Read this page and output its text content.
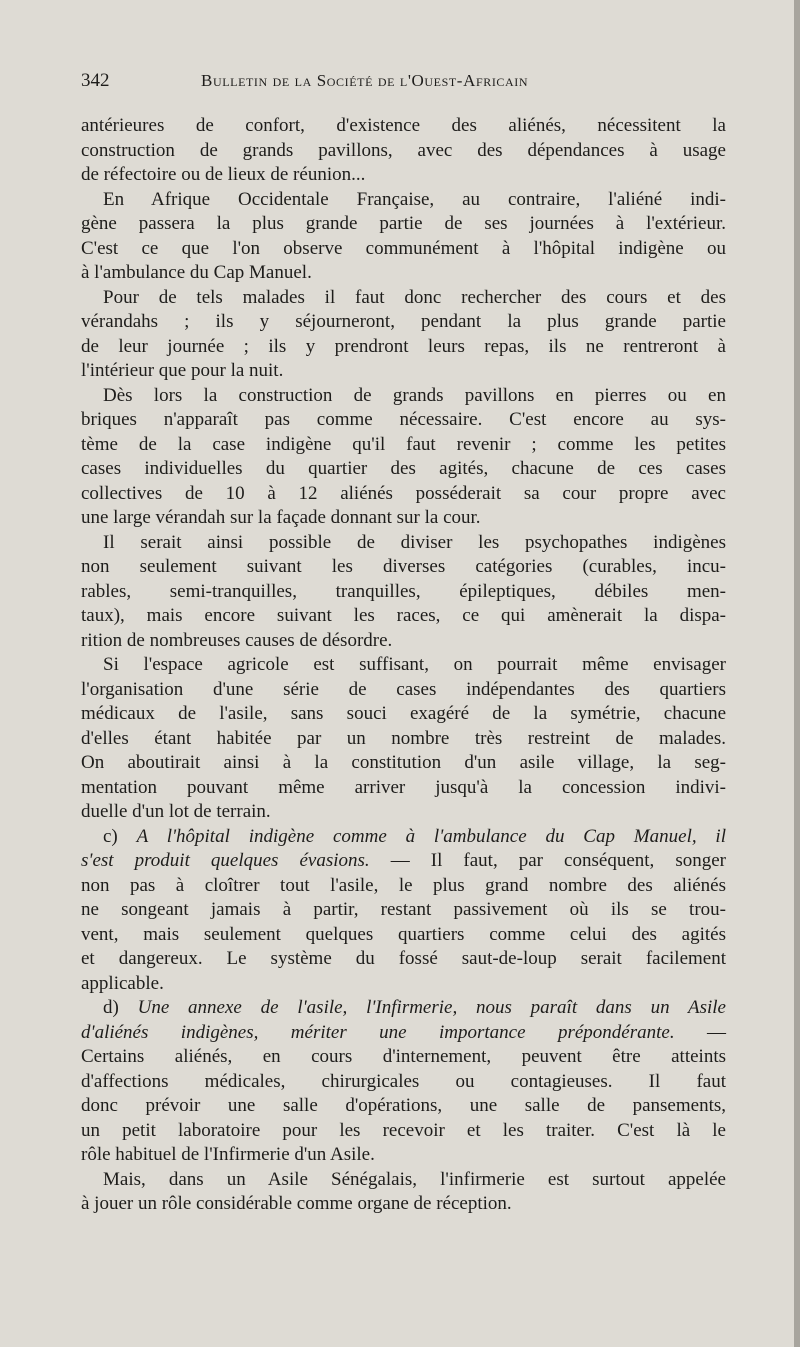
342	Bulletin de la Société de l'Ouest-Africain
antérieures de confort, d'existence des aliénés, nécessitent la
construction de grands pavillons, avec des dépendances à usage
de réfectoire ou de lieux de réunion...
En Afrique Occidentale Française, au contraire, l'aliéné indi-
gène passera la plus grande partie de ses journées à l'extérieur.
C'est ce que l'on observe communément à l'hôpital indigène ou
à l'ambulance du Cap Manuel.
Pour de tels malades il faut donc rechercher des cours et des
vérandahs ; ils y séjourneront, pendant la plus grande partie
de leur journée ; ils y prendront leurs repas, ils ne rentreront à
l'intérieur que pour la nuit.
Dès lors la construction de grands pavillons en pierres ou en
briques n'apparaît pas comme nécessaire. C'est encore au sys-
tème de la case indigène qu'il faut revenir ; comme les petites
cases individuelles du quartier des agités, chacune de ces cases
collectives de 10 à 12 aliénés posséderait sa cour propre avec
une large vérandah sur la façade donnant sur la cour.
Il serait ainsi possible de diviser les psychopathes indigènes
non seulement suivant les diverses catégories (curables, incu-
rables, semi-tranquilles, tranquilles, épileptiques, débiles men-
taux), mais encore suivant les races, ce qui amènerait la dispa-
rition de nombreuses causes de désordre.
Si l'espace agricole est suffisant, on pourrait même envisager
l'organisation d'une série de cases indépendantes des quartiers
médicaux de l'asile, sans souci exagéré de la symétrie, chacune
d'elles étant habitée par un nombre très restreint de malades.
On aboutirait ainsi à la constitution d'un asile village, la seg-
mentation pouvant même arriver jusqu'à la concession indivi-
duelle d'un lot de terrain.
c) A l'hôpital indigène comme à l'ambulance du Cap Manuel, il
s'est produit quelques évasions. — Il faut, par conséquent, songer
non pas à cloîtrer tout l'asile, le plus grand nombre des aliénés
ne songeant jamais à partir, restant passivement où ils se trou-
vent, mais seulement quelques quartiers comme celui des agités
et dangereux. Le système du fossé saut-de-loup serait facilement
applicable.
d) Une annexe de l'asile, l'Infirmerie, nous paraît dans un Asile
d'aliénés indigènes, mériter une importance prépondérante. —
Certains aliénés, en cours d'internement, peuvent être atteints
d'affections médicales, chirurgicales ou contagieuses. Il faut
donc prévoir une salle d'opérations, une salle de pansements,
un petit laboratoire pour les recevoir et les traiter. C'est là le
rôle habituel de l'Infirmerie d'un Asile.
Mais, dans un Asile Sénégalais, l'infirmerie est surtout appelée
à jouer un rôle considérable comme organe de réception.
